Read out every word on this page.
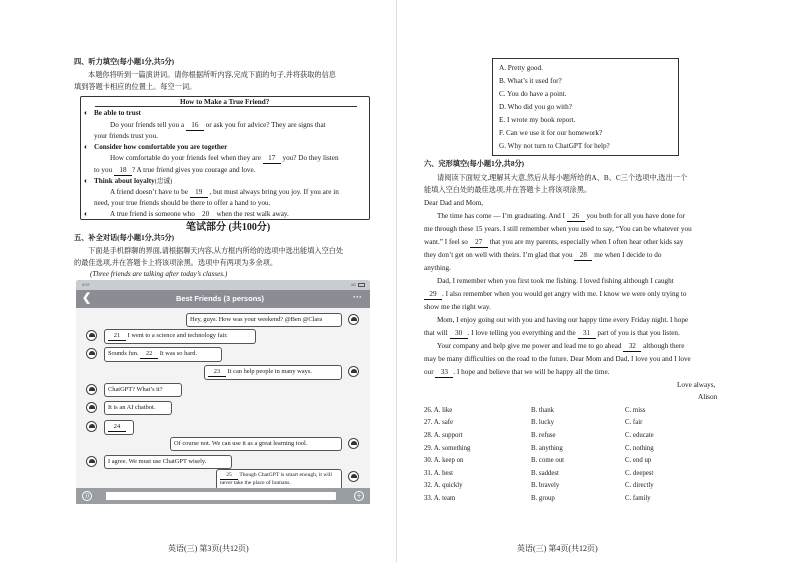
四、听力填空(每小题1分,共5分)
本题你将听到一篇演讲词。请你根据所听内容,完成下面的句子,并将获取的信息
填到答题卡相应的位置上。每空一词。
How to Make a True Friend?
◐ Be able to trust
Do your friends tell you a 16 or ask you for advice? They are signs that
your friends trust you.
◐ Consider how comfortable you are together
How comfortable do your friends feel when they are 17 you? Do they listen
to you 18 ? A true friend gives you courage and love.
◐ Think about loyalty(忠诚)
A friend doesn’t have to be 19 , but must always bring you joy. If you are in
need, your true friends should be there to offer a hand to you.
◐	A true friend is someone who 20 when the rest walk away.
笔试部分 (共100分)
五、补全对话(每小题1分,共5分)
下面是手机群聊的界面,请根据聊天内容,从方框内所给的选项中选出能填入空白处
的最佳选项,并在答题卡上将该项涂黑。选项中有两项为多余项。
(Three friends are talking after today’s classes.)
英语(三) 第3页(共12页)
4:07	4G
❮	Best Friends (3 persons)	···
Hey, guys. How was your weekend? @Ben @Clara
21 I went to a science and technology fair.
Sounds fun. 22 It was so hard.
23 It can help people in many ways.
ChatGPT? What’s it?
It is an AI chatbot.
24
Of course not. We can use it as a great learning tool.
I agree. We must use ChatGPT wisely.
25 Though ChatGPT is smart enough, it will never take the place of humans.
))	+
A. Pretty good.
B. What’s it used for?
C. You do have a point.
D. Who did you go with?
E. I wrote my book report.
F. Can we use it for our homework?
G. Why not turn to ChatGPT for help?
六、完形填空(每小题1分,共8分)
请阅读下面短文,理解其大意,然后从每小题所给的A、B、C三个选项中,选出一个
能填入空白处的最佳选项,并在答题卡上将该项涂黑。
Dear Dad and Mom,
The time has come — I’m graduating. And I 26 you both for all you have done for
me through these 15 years. I still remember when you used to say, “You can be whatever you
want.” I feel so 27 that you are my parents, especially when I often hear other kids say
they don’t get on well with theirs. I’m glad that you 28 me when I decide to do
anything.
Dad, I remember when you first took me fishing. I loved fishing although I caught
29 . I also remember when you would get angry with me. I know we were only trying to
show me the right way.
Mom, I enjoy going out with you and having our happy time every Friday night. I hope
that will 30 . I love telling you everything and the 31 part of you is that you listen.
Your company and help give me power and lead me to go ahead 32 although there
may be many difficulties on the road to the future. Dear Mom and Dad, I love you and I love
our 33 . I hope and believe that we will be happy all the time.
Love always,
Alison
26. A. like	B. thank	C. miss
27. A. safe	B. lucky	C. fair
28. A. support	B. refuse	C. educate
29. A. something	B. anything	C. nothing
30. A. keep on	B. come out	C. end up
31. A. best	B. saddest	C. deepest
32. A. quickly	B. bravely	C. directly
33. A. team	B. group	C. family
英语(三) 第4页(共12页)
